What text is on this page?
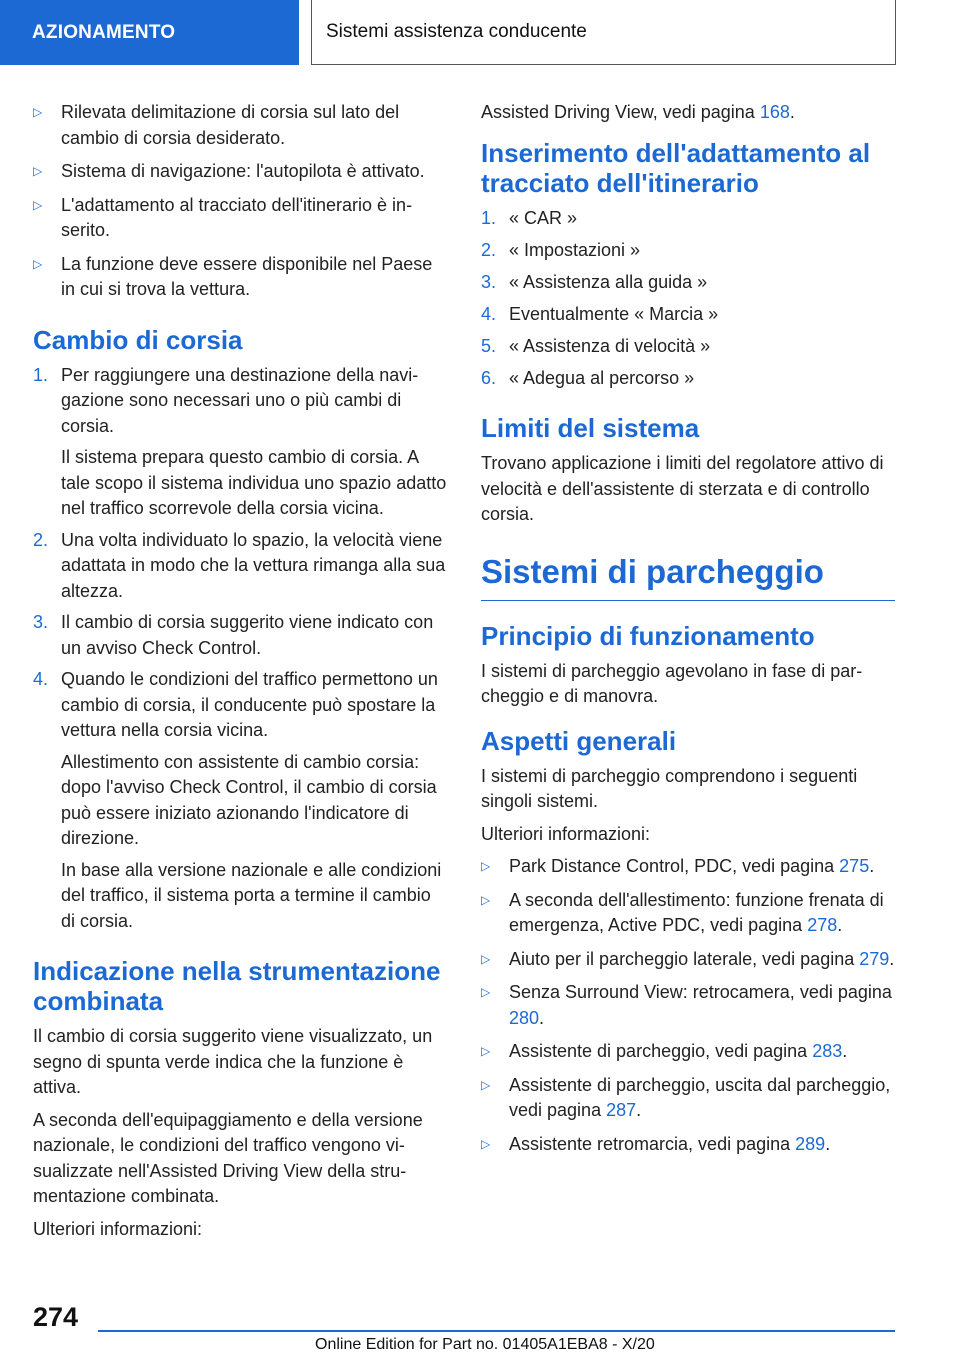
AZIONAMENTO	Sistemi assistenza conducente
▷ Rilevata delimitazione di corsia sul lato del cambio di corsia desiderato.
▷ Sistema di navigazione: l'autopilota è attivato.
▷ L'adattamento al tracciato dell'itinerario è inserito.
▷ La funzione deve essere disponibile nel Paese in cui si trova la vettura.
Cambio di corsia
1. Per raggiungere una destinazione della navigazione sono necessari uno o più cambi di corsia.
Il sistema prepara questo cambio di corsia. A tale scopo il sistema individua uno spazio adatto nel traffico scorrevole della corsia vicina.
2. Una volta individuato lo spazio, la velocità viene adattata in modo che la vettura rimanga alla sua altezza.
3. Il cambio di corsia suggerito viene indicato con un avviso Check Control.
4. Quando le condizioni del traffico permettono un cambio di corsia, il conducente può spostare la vettura nella corsia vicina.
Allestimento con assistente di cambio corsia: dopo l'avviso Check Control, il cambio di corsia può essere iniziato azionando l'indicatore di direzione.
In base alla versione nazionale e alle condizioni del traffico, il sistema porta a termine il cambio di corsia.
Indicazione nella strumentazione combinata

Il cambio di corsia suggerito viene visualizzato, un segno di spunta verde indica che la funzione è attiva.

A seconda dell'equipaggiamento e della versione nazionale, le condizioni del traffico vengono visualizzate nell'Assisted Driving View della strumentazione combinata.

Ulteriori informazioni:

Assisted Driving View, vedi pagina 168.

Inserimento dell'adattamento al tracciato dell'itinerario
1. « CAR »
2. « Impostazioni »
3. « Assistenza alla guida »
4. Eventualmente « Marcia »
5. « Assistenza di velocità »
6. « Adegua al percorso »
Limiti del sistema

Trovano applicazione i limiti del regolatore attivo di velocità e dell'assistente di sterzata e di controllo corsia.

Sistemi di parcheggio
Principio di funzionamento

I sistemi di parcheggio agevolano in fase di parcheggio e di manovra.

Aspetti generali

I sistemi di parcheggio comprendono i seguenti singoli sistemi.

Ulteriori informazioni:

▷ Park Distance Control, PDC, vedi pagina 275.
▷ A seconda dell'allestimento: funzione frenata di emergenza, Active PDC, vedi pagina 278.
▷ Aiuto per il parcheggio laterale, vedi pagina 279.
▷ Senza Surround View: retrocamera, vedi pagina 280.
▷ Assistente di parcheggio, vedi pagina 283.
▷ Assistente di parcheggio, uscita dal parcheggio, vedi pagina 287.
▷ Assistente retromarcia, vedi pagina 289.
274
Online Edition for Part no. 01405A1EBA8 - X/20
